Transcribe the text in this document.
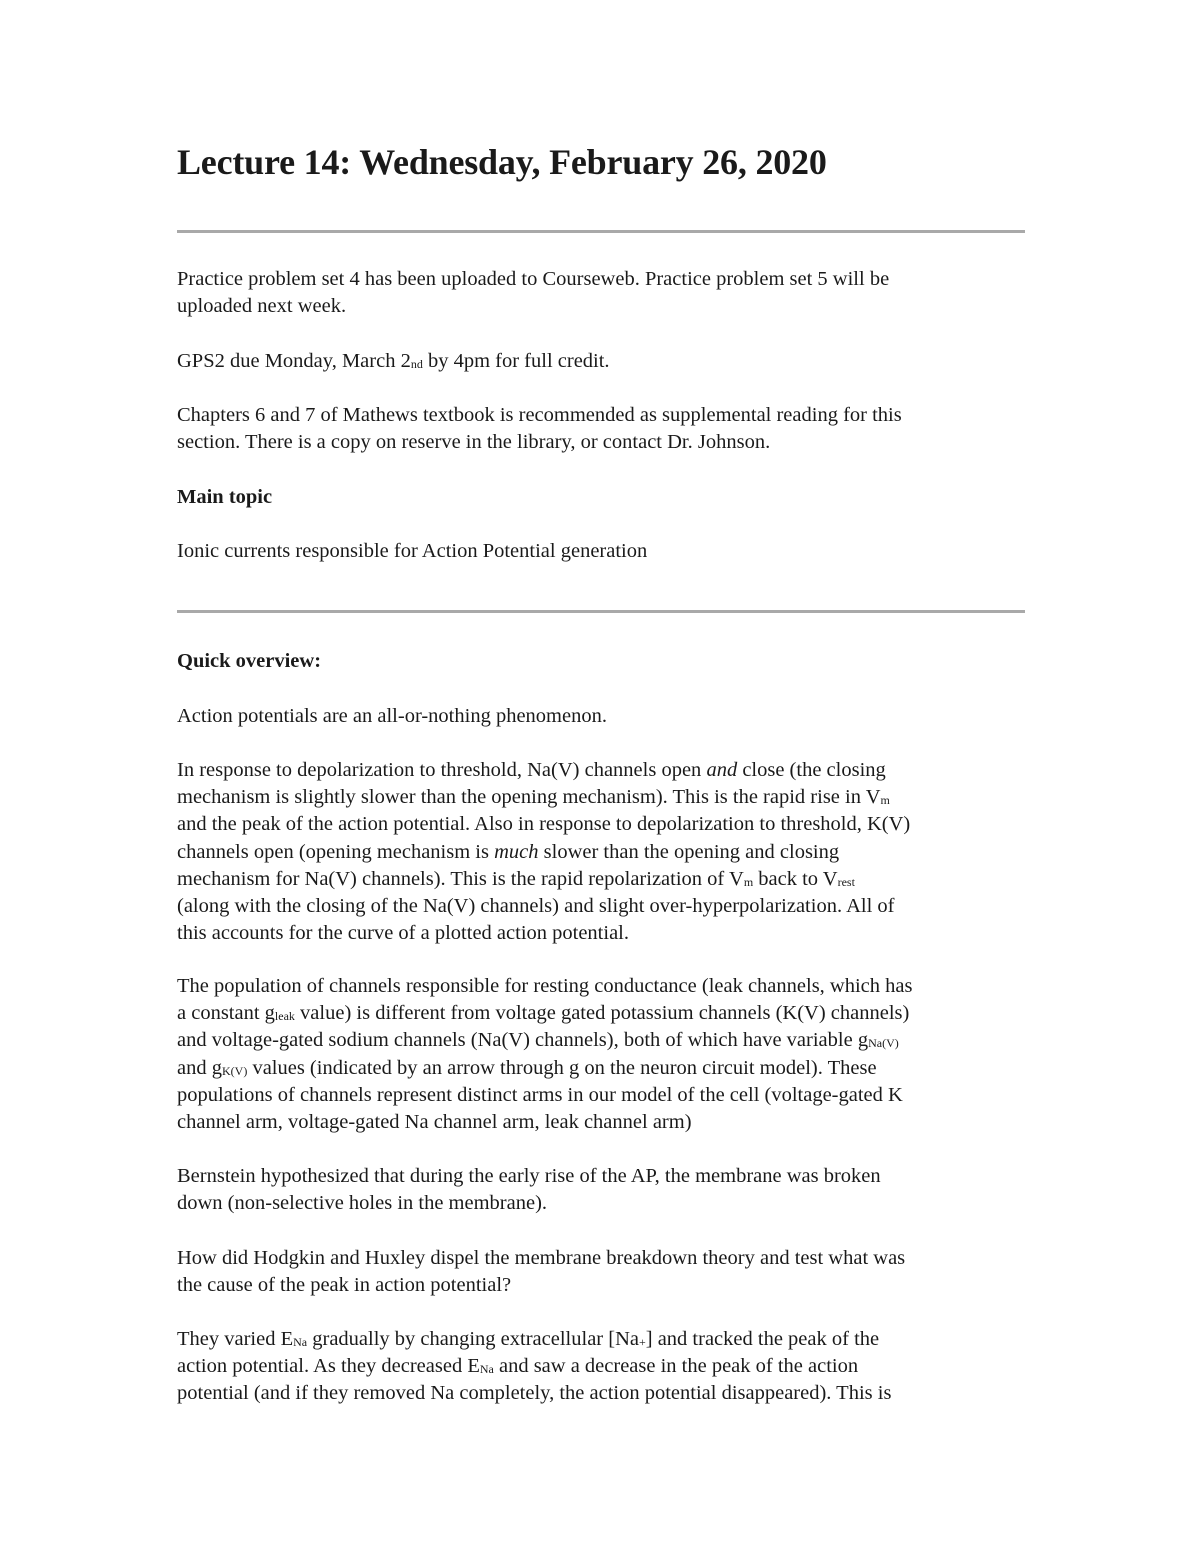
Lecture 14: Wednesday, February 26, 2020

Practice problem set 4 has been uploaded to Courseweb. Practice problem set 5 will be
uploaded next week.

GPS2 due Monday, March $2_{nd}$ by 4pm for full credit.

Chapters 6 and 7 of Mathews textbook is recommended as supplemental reading for this
section. There is a copy on reserve in the library, or contact Dr. Johnson.

Main topic

Ionic currents responsible for Action Potential generation

Quick overview:

Action potentials are an all-or-nothing phenomenon.

In response to depolarization to threshold, Na(V) channels open and close (the closing
mechanism is slightly slower than the opening mechanism). This is the rapid rise in $V_m$
and the peak of the action potential. Also in response to depolarization to threshold, K(V)
channels open (opening mechanism is much slower than the opening and closing
mechanism for Na(V) channels). This is the rapid repolarization of $V_m$ back to $V_{rest}$
(along with the closing of the Na(V) channels) and slight over-hyperpolarization. All of
this accounts for the curve of a plotted action potential.

The population of channels responsible for resting conductance (leak channels, which has
a constant $g_{leak}$ value) is different from voltage gated potassium channels (K(V) channels)
and voltage-gated sodium channels (Na(V) channels), both of which have variable $g_{Na(V)}$
and $g_{K(V)}$ values (indicated by an arrow through g on the neuron circuit model). These
populations of channels represent distinct arms in our model of the cell (voltage-gated K
channel arm, voltage-gated Na channel arm, leak channel arm)

Bernstein hypothesized that during the early rise of the AP, the membrane was broken
down (non-selective holes in the membrane).

How did Hodgkin and Huxley dispel the membrane breakdown theory and test what was
the cause of the peak in action potential?

They varied $E_{Na}$ gradually by changing extracellular $[Na_+]$ and tracked the peak of the
action potential. As they decreased $E_{Na}$ and saw a decrease in the peak of the action
potential (and if they removed Na completely, the action potential disappeared). This is
